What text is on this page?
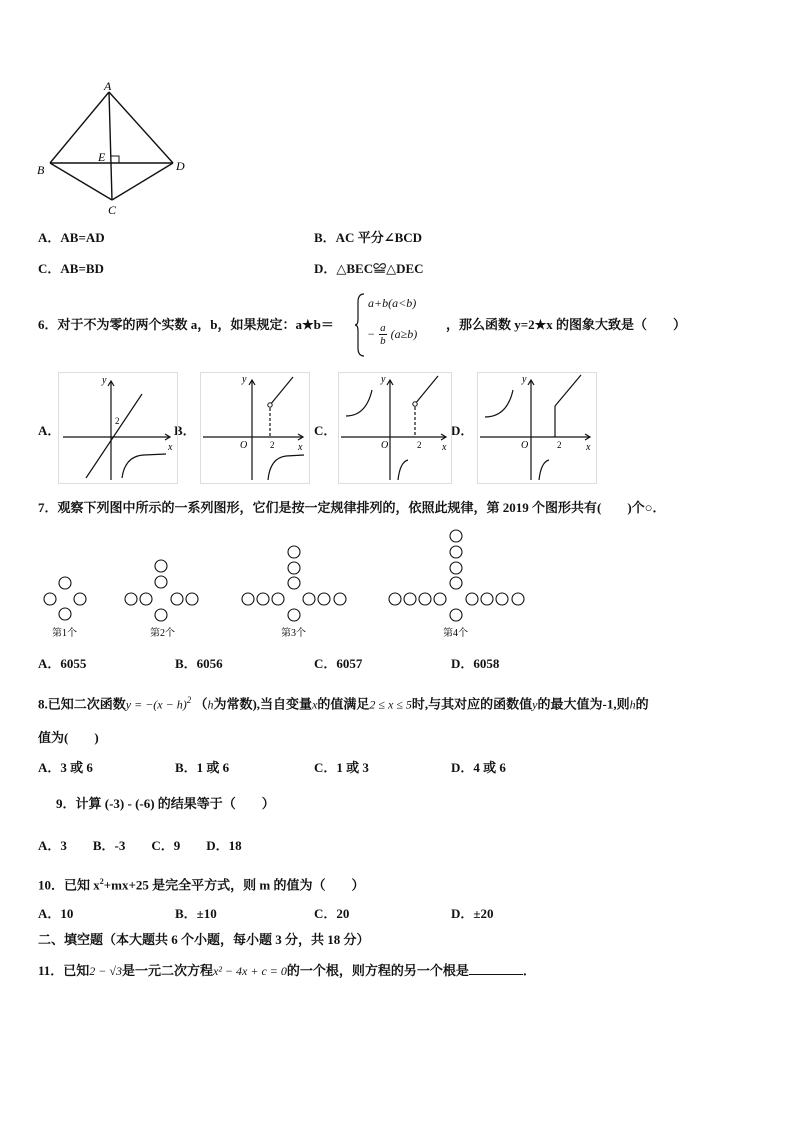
A
B
C
D
E
A．AB=AD	B．AC 平分∠BCD
C．AB=BD	D．△BEC≌△DEC
6．对于不为零的两个实数 a，b，如果规定：a★b＝
a+b(a<b)
− $\frac{a}{b} (a\ge b)$
，那么函数 y=2★x 的图象大致是（　　）
A．	B．	C．	D．
y
x
2
y
x
O	2
y
x
O	2
y
x
O	2
7．观察下列图中所示的一系列图形，它们是按一定规律排列的，依照此规律，第 2019 个图形共有(　　)个○．
第1个	第2个	第3个	第4个
A．6055	B．6056	C．6057	D．6058
8.已知二次函数$y = -(x - h)^2$ （h为常数),当自变量x的值满足2 ≤ x ≤ 5时,与其对应的函数值y的最大值为-1,则h的
值为(　　)
A．3 或 6	B．1 或 6	C．1 或 3	D．4 或 6
9．计算 (-3) - (-6) 的结果等于（　　）
A．3　　B．-3　　C．9　　D．18
10．已知 $x^2+mx+25$ 是完全平方式，则 m 的值为（　　）
A．10	B．±10	C．20	D．±20
二、填空题（本大题共 6 个小题，每小题 3 分，共 18 分）
11．已知2 − √3是一元二次方程x² − 4x + c = 0的一个根，则方程的另一个根是	．
